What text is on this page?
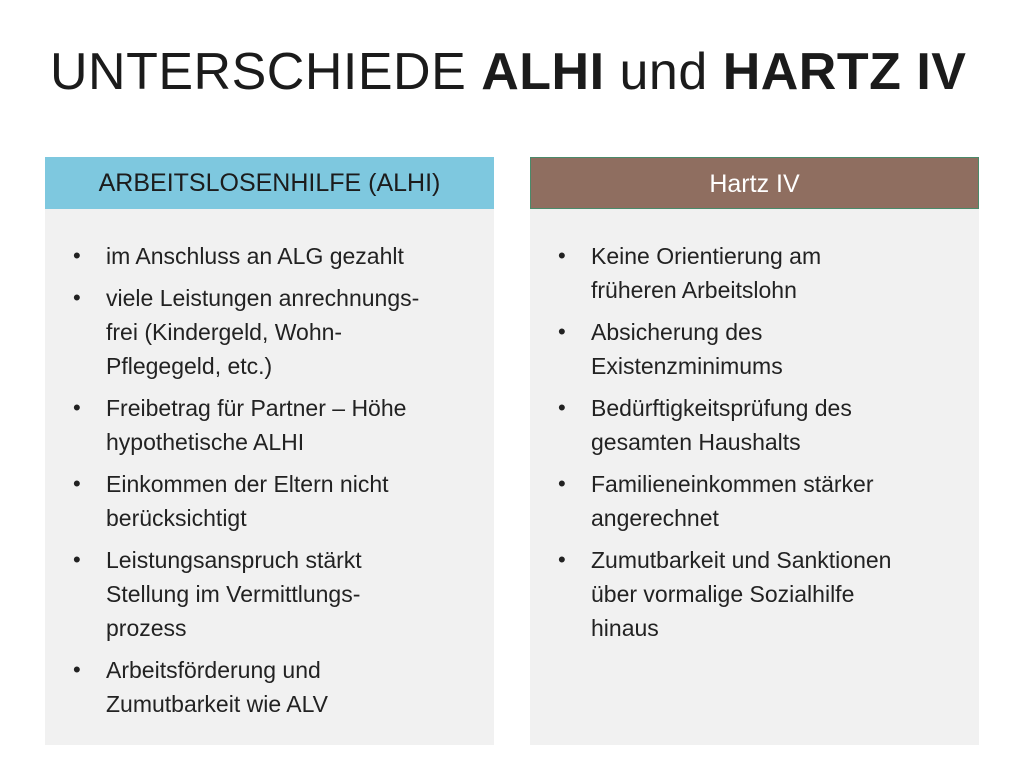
UNTERSCHIEDE ALHI und HARTZ IV
ARBEITSLOSENHILFE (ALHI)
• im Anschluss an ALG gezahlt
• viele Leistungen anrechnungs-
frei (Kindergeld, Wohn-
Pflegegeld, etc.)
• Freibetrag für Partner – Höhe
hypothetische ALHI
• Einkommen der Eltern nicht
berücksichtigt
• Leistungsanspruch stärkt
Stellung im Vermittlungs-
prozess
• Arbeitsförderung und
Zumutbarkeit wie ALV
Hartz IV
• Keine Orientierung am
früheren Arbeitslohn
• Absicherung des
Existenzminimums
• Bedürftigkeitsprüfung des
gesamten Haushalts
• Familieneinkommen stärker
angerechnet
• Zumutbarkeit und Sanktionen
über vormalige Sozialhilfe
hinaus
